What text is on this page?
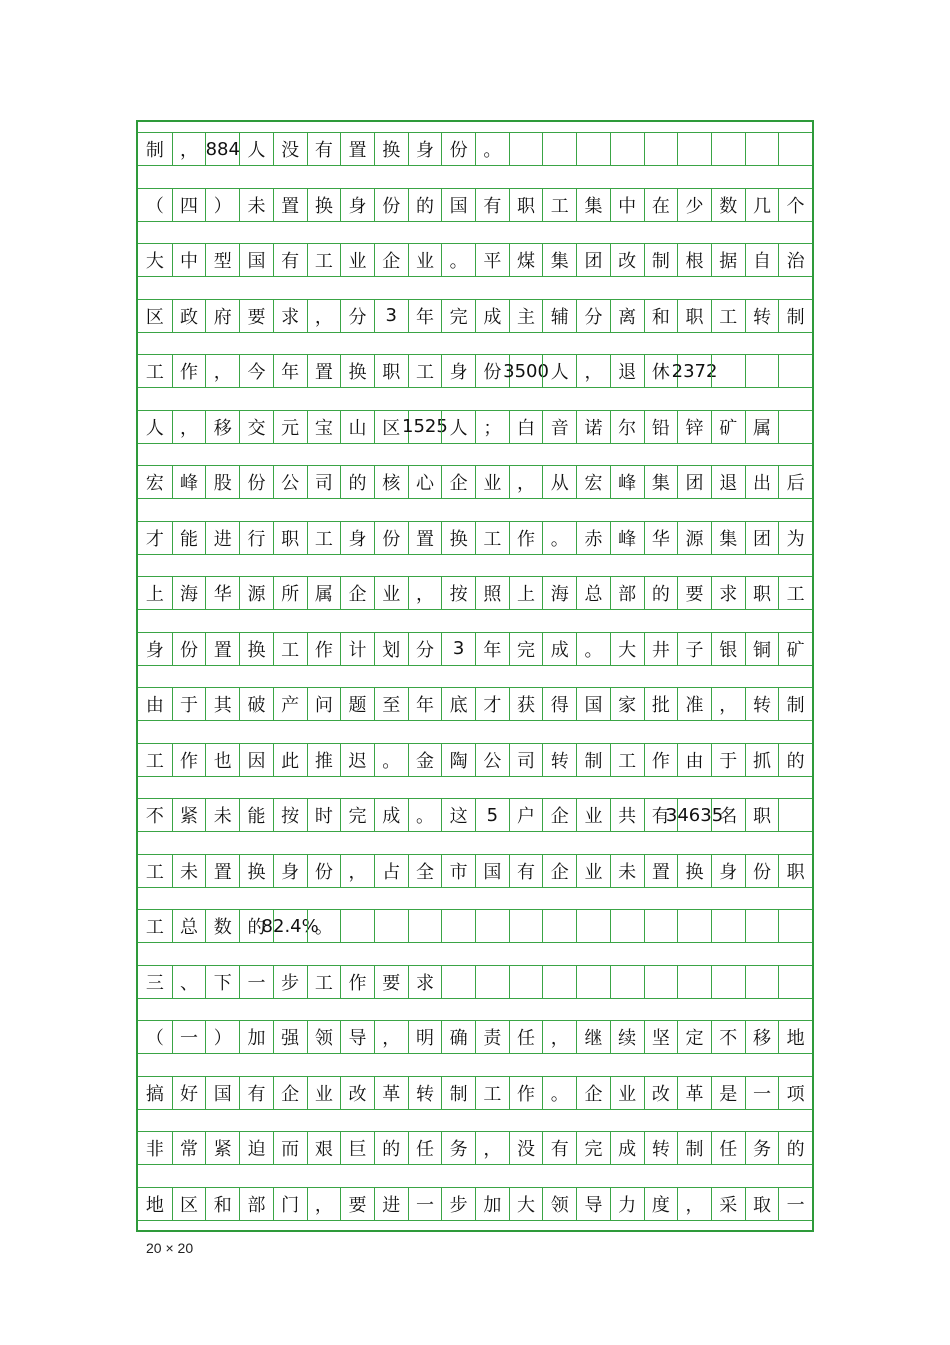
制 ， 884 人 没 有 置 换 身 份 。
（ 四 ） 未 置 换 身 份 的 国 有 职 工 集 中 在 少 数 几 个
大 中 型 国 有 工 业 企 业 。 平 煤 集 团 改 制 根 据 自 治
区 政 府 要 求 ， 分	3	年 完 成 主 辅 分 离 和 职 工 转 制
工 作 ， 今 年 置 换 职 工 身 份 3500 人 ， 退 休 2372
人 ， 移 交 元 宝 山 区 1525 人 ； 白 音 诺 尔 铅 锌 矿 属
宏 峰 股 份 公 司 的 核 心 企 业 ， 从 宏 峰 集 团 退 出 后
才 能 进 行 职 工 身 份 置 换 工 作 。 赤 峰 华 源 集 团 为
上 海 华 源 所 属 企 业 ， 按 照 上 海 总 部 的 要 求 职 工
身 份 置 换 工 作 计 划 分	3	年 完 成 。 大 井 子 银 铜 矿
由 于 其 破 产 问 题 至 年 底 才 获 得 国 家 批 准 ， 转 制
工 作 也 因 此 推 迟 。 金 陶 公 司 转 制 工 作 由 于 抓 的
不 紧 未 能 按 时 完 成 。 这	5	户 企 业 共 有
34635
名 职
工 未 置 换 身 份 ， 占 全 市 国 有 企 业 未 置 换 身 份 职
工 总 数 的
82.4%
。
三 、 下 一 步 工 作 要 求
（ 一 ） 加 强 领 导 ， 明 确 责 任 ， 继 续 坚 定 不 移 地
搞 好 国 有 企 业 改 革 转 制 工 作 。 企 业 改 革 是 一 项
非 常 紧 迫 而 艰 巨 的 任 务 ， 没 有 完 成 转 制 任 务 的
地 区 和 部 门 ， 要 进 一 步 加 大 领 导 力 度 ， 采 取 一
20 × 20
